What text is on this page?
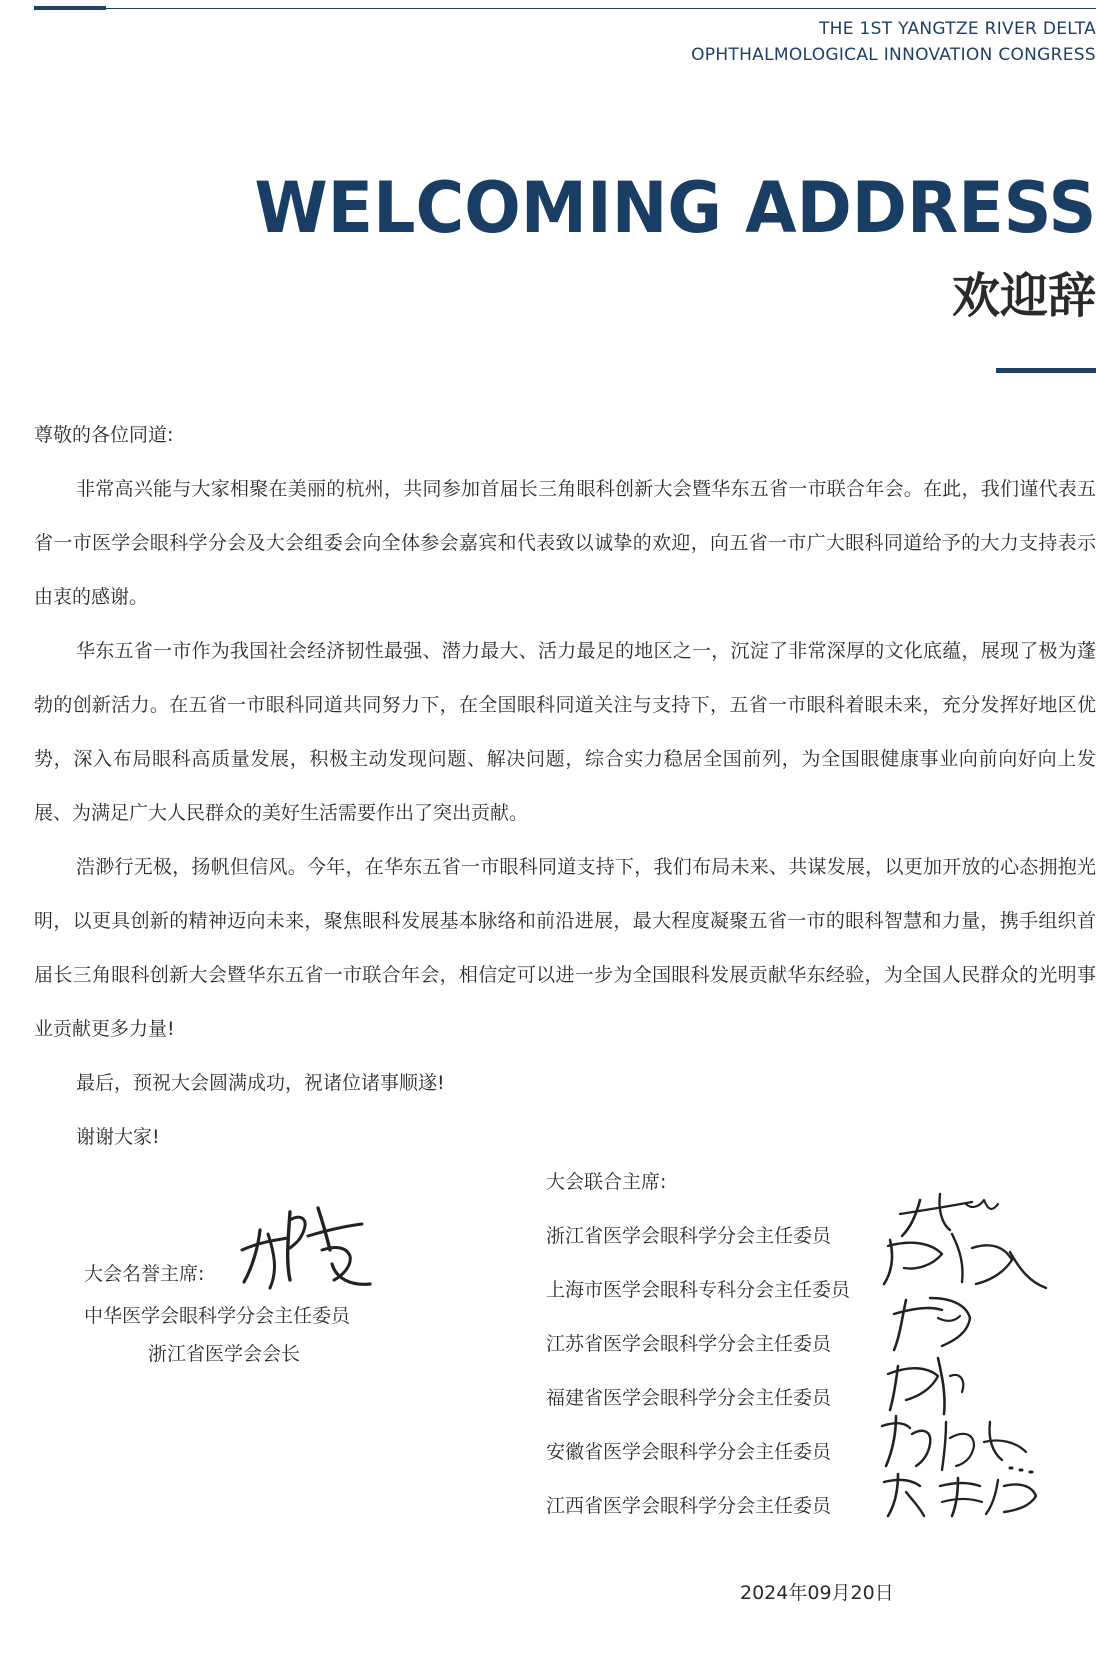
THE 1ST YANGTZE RIVER DELTA
OPHTHALMOLOGICAL INNOVATION CONGRESS
WELCOMING ADDRESS
欢迎辞

尊敬的各位同道:

非常高兴能与大家相聚在美丽的杭州，共同参加首届长三角眼科创新大会暨华东五省一市联合年会。在此，我们谨代表五省一市医学会眼科学分会及大会组委会向全体参会嘉宾和代表致以诚挚的欢迎，向五省一市广大眼科同道给予的大力支持表示由衷的感谢。

华东五省一市作为我国社会经济韧性最强、潜力最大、活力最足的地区之一，沉淀了非常深厚的文化底蕴，展现了极为蓬勃的创新活力。在五省一市眼科同道共同努力下，在全国眼科同道关注与支持下，五省一市眼科着眼未来，充分发挥好地区优势，深入布局眼科高质量发展，积极主动发现问题、解决问题，综合实力稳居全国前列，为全国眼健康事业向前向好向上发展、为满足广大人民群众的美好生活需要作出了突出贡献。

浩渺行无极，扬帆但信风。今年，在华东五省一市眼科同道支持下，我们布局未来、共谋发展，以更加开放的心态拥抱光明，以更具创新的精神迈向未来，聚焦眼科发展基本脉络和前沿进展，最大程度凝聚五省一市的眼科智慧和力量，携手组织首届长三角眼科创新大会暨华东五省一市联合年会，相信定可以进一步为全国眼科发展贡献华东经验，为全国人民群众的光明事业贡献更多力量!

最后，预祝大会圆满成功，祝诸位诸事顺遂!

谢谢大家!

大会名誉主席:
中华医学会眼科学分会主任委员
浙江省医学会会长
大会联合主席:
浙江省医学会眼科学分会主任委员
上海市医学会眼科专科分会主任委员
江苏省医学会眼科学分会主任委员
福建省医学会眼科学分会主任委员
安徽省医学会眼科学分会主任委员
江西省医学会眼科学分会主任委员
2024年09月20日
